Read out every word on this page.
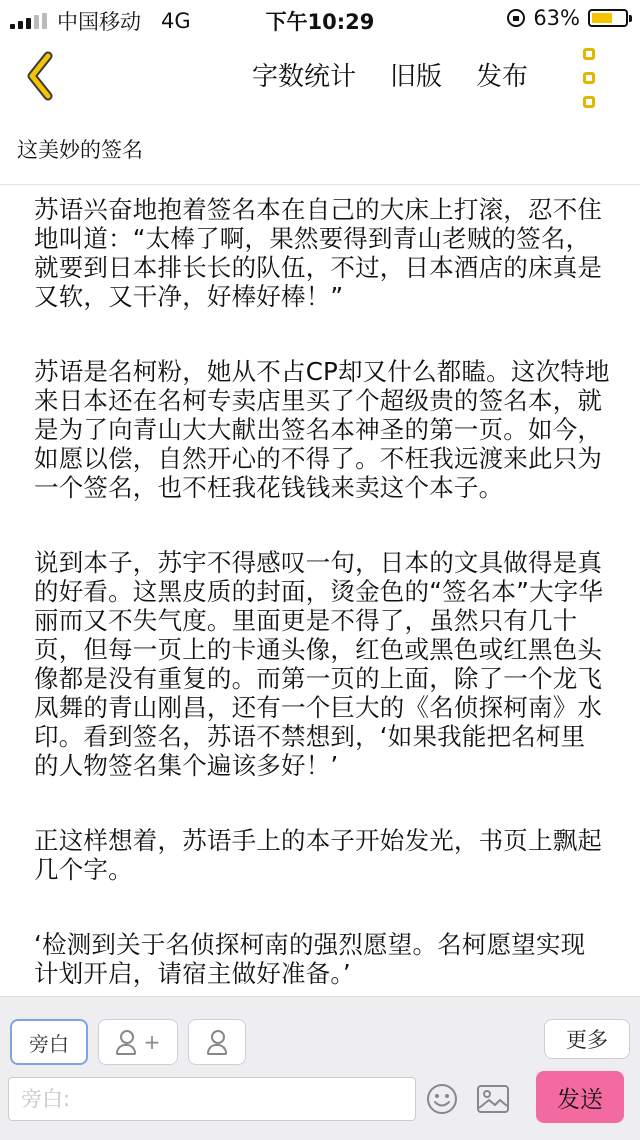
中国移动 4G	下午10:29	63%
字数统计 旧版 发布
这美妙的签名

苏语兴奋地抱着签名本在自己的大床上打滚，忍不住地叫道：“太棒了啊，果然要得到青山老贼的签名，就要到日本排长长的队伍，不过，日本酒店的床真是又软，又干净，好棒好棒！”

苏语是名柯粉，她从不占CP却又什么都瞌。这次特地来日本还在名柯专卖店里买了个超级贵的签名本，就是为了向青山大大献出签名本神圣的第一页。如今，如愿以偿，自然开心的不得了。不枉我远渡来此只为一个签名，也不枉我花钱钱来卖这个本子。

说到本子，苏宇不得感叹一句，日本的文具做得是真的好看。这黑皮质的封面，烫金色的“签名本”大字华丽而又不失气度。里面更是不得了，虽然只有几十页，但每一页上的卡通头像，红色或黑色或红黑色头像都是没有重复的。而第一页的上面，除了一个龙飞凤舞的青山刚昌，还有一个巨大的《名侦探柯南》水印。看到签名，苏语不禁想到，‘如果我能把名柯里的人物签名集个遍该多好！’

正这样想着，苏语手上的本子开始发光，书页上飘起几个字。

‘检测到关于名侦探柯南的强烈愿望。名柯愿望实现计划开启，请宿主做好准备。’

旁白	+	更多
旁白:
发送
